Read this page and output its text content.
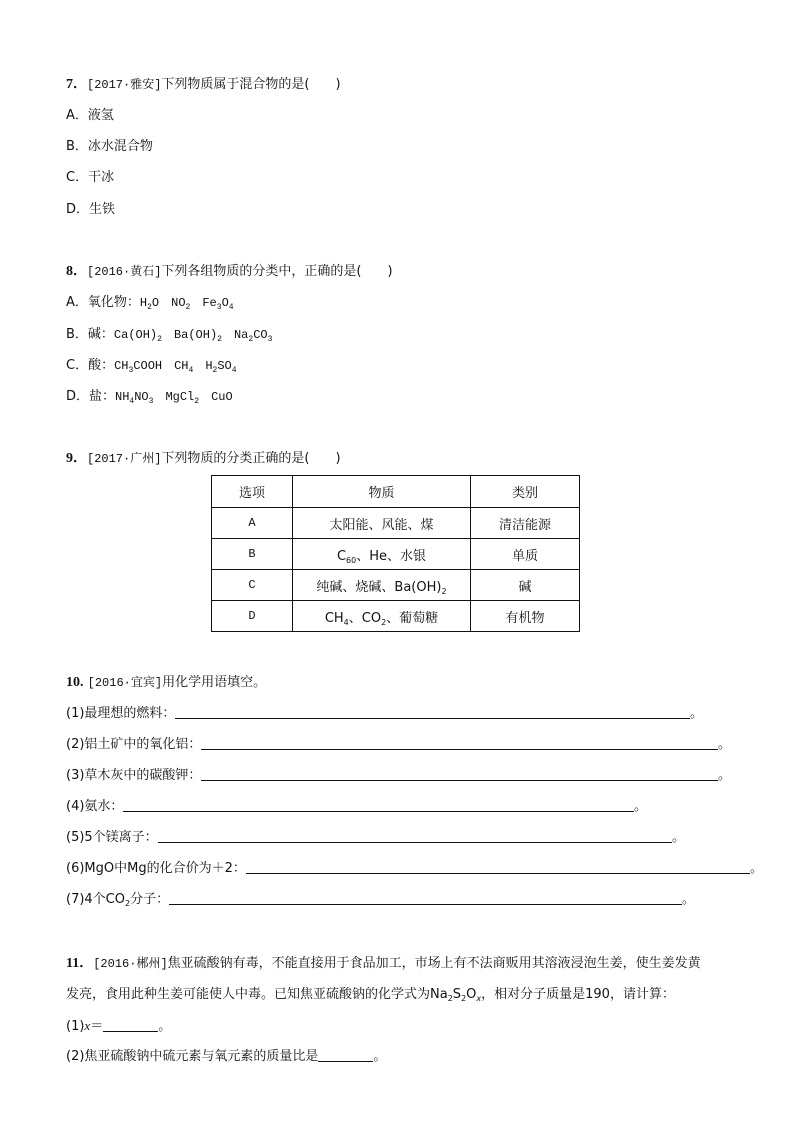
7．[2017·雅安]下列物质属于混合物的是(　　)
A．液氢
B．冰水混合物
C．干冰
D．生铁
8．[2016·黄石]下列各组物质的分类中，正确的是(　　)
A．氧化物：$H_2O$　$NO_2$　$Fe_3O_4$
B．碱：$Ca(OH)_2$　$Ba(OH)_2$　$Na_2CO_3$
C．酸：$CH_3COOH$　$CH_4$　$H_2SO_4$
D．盐：$NH_4NO_3$　MgCl$_2$　CuO
9．[2017·广州]下列物质的分类正确的是(　　)
选项	物质	类别
A	太阳能、风能、煤	清洁能源
B	$C_{60}$、He、水银	单质
C	纯碱、烧碱、$Ba(OH)_2$	碱
D	$CH_4$、$CO_2$、葡萄糖	有机物
10. [2016·宜宾]用化学用语填空。
(1)最理想的燃料：	。
(2)铝土矿中的氧化铝：	。
(3)草木灰中的碳酸钾：	。
(4)氨水：	。
(5)5个镁离子：	。
(6)MgO中Mg的化合价为＋2：	。
(7)4个$CO_2$分子：	。
11．[2016·郴州]焦亚硫酸钠有毒，不能直接用于食品加工，市场上有不法商贩用其溶液浸泡生姜，使生姜发黄
发亮，食用此种生姜可能使人中毒。已知焦亚硫酸钠的化学式为$Na_2S_2O_x$，相对分子质量是190，请计算：
(1)x＝	。
(2)焦亚硫酸钠中硫元素与氧元素的质量比是	。
